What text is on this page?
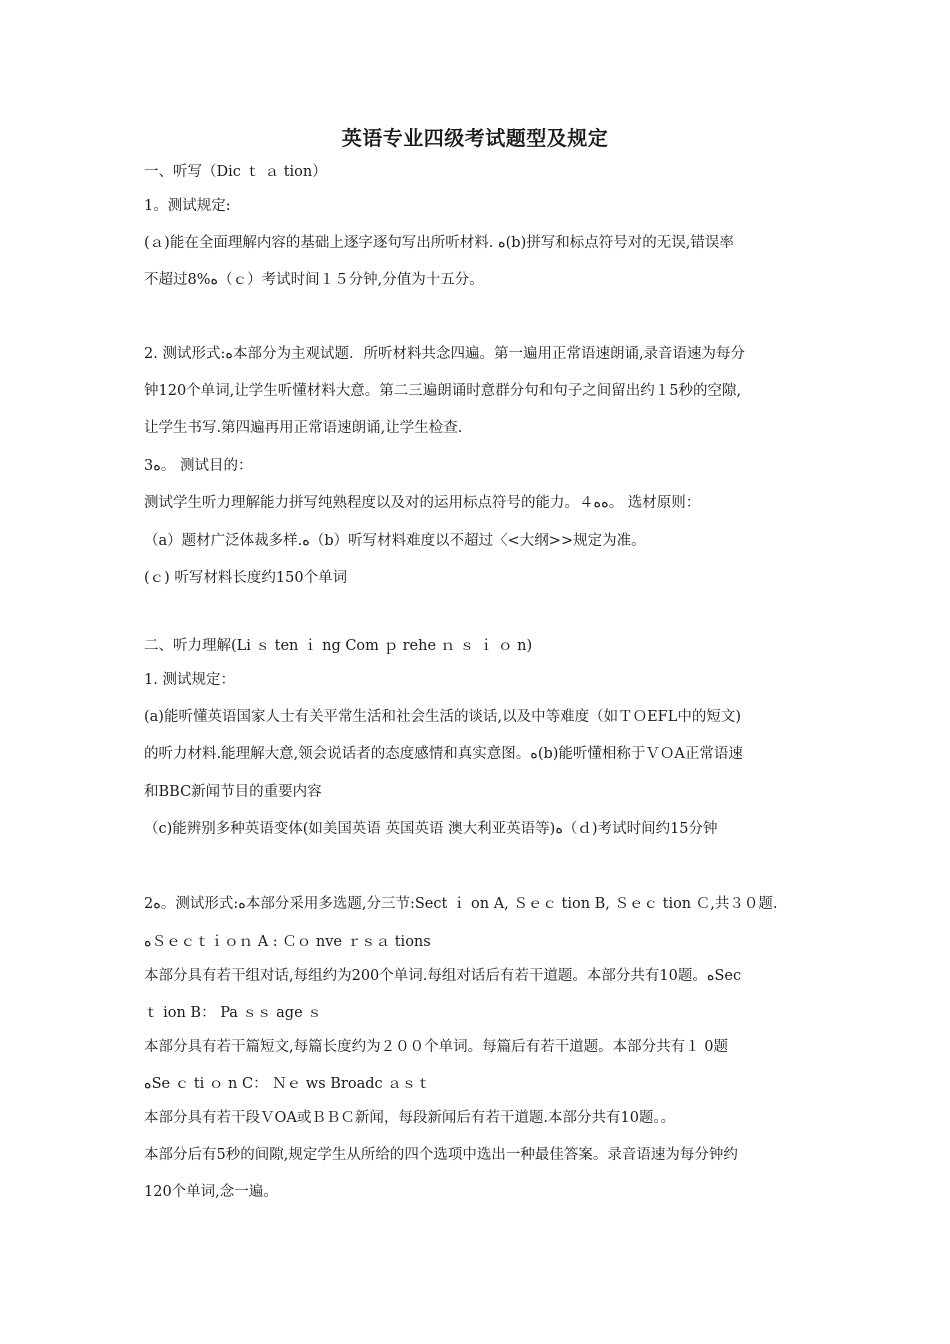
英语专业四级考试题型及规定
一、听写（Dic ｔ ａ tion）
1。测试规定:
(ａ)能在全面理解内容的基础上逐字逐句写出所听材料. ﻩ(b)拼写和标点符号对的无误,错误率
不超过8%ﻩ（ｃ）考试时间１５分钟,分值为十五分。
2. 测试形式:ﻩ本部分为主观试题．所听材料共念四遍。第一遍用正常语速朗诵,录音语速为每分
钟120个单词,让学生听懂材料大意。第二三遍朗诵时意群分句和句子之间留出约１5秒的空隙,
让学生书写.第四遍再用正常语速朗诵,让学生检查.
3ﻩ。 测试目的：
测试学生听力理解能力拼写纯熟程度以及对的运用标点符号的能力。４ﻩﻩ。 选材原则：
（a）题材广泛体裁多样.ﻩ（b）听写材料难度以不超过〈<大纲>>规定为准。
(ｃ) 听写材料长度约150个单词
二、听力理解(Li ｓ ten ｉ ng Com ｐ rehe ｎ ｓ ｉ ｏ n)
1. 测试规定：
(a)能听懂英语国家人士有关平常生活和社会生活的谈话,以及中等难度（如ＴＯEFL中的短文)
的听力材料.能理解大意,领会说话者的态度感情和真实意图。ﻩ(b)能听懂相称于ＶＯA正常语速
和BBC新闻节目的重要内容
（c)能辨别多种英语变体(如美国英语 英国英语 澳大利亚英语等)ﻩ（ｄ)考试时间约15分钟
2ﻩ。测试形式:ﻩ本部分采用多选题,分三节:Sect ｉ on A, Ｓｅｃ tion B, Ｓｅｃ tion Ｃ,共３０题.
ﻩＳｅｃｔｉｏｎ A : Ｃｏ nve ｒｓａ tions
本部分具有若干组对话,每组约为200个单词.每组对话后有若干道题。本部分共有10题。ﻩSec
ｔ ion B： Pa ｓｓ age ｓ
本部分具有若干篇短文,每篇长度约为２００个单词。每篇后有若干道题。本部分共有１ 0题
ﻩSe ｃ ti ｏ n C： Ｎｅ ws Broadc ａｓｔ
本部分具有若干段ＶOA或ＢＢＣ新闻，每段新闻后有若干道题.本部分共有10题。。
本部分后有5秒的间隙,规定学生从所给的四个选项中选出一种最佳答案。录音语速为每分钟约
120个单词,念一遍。
